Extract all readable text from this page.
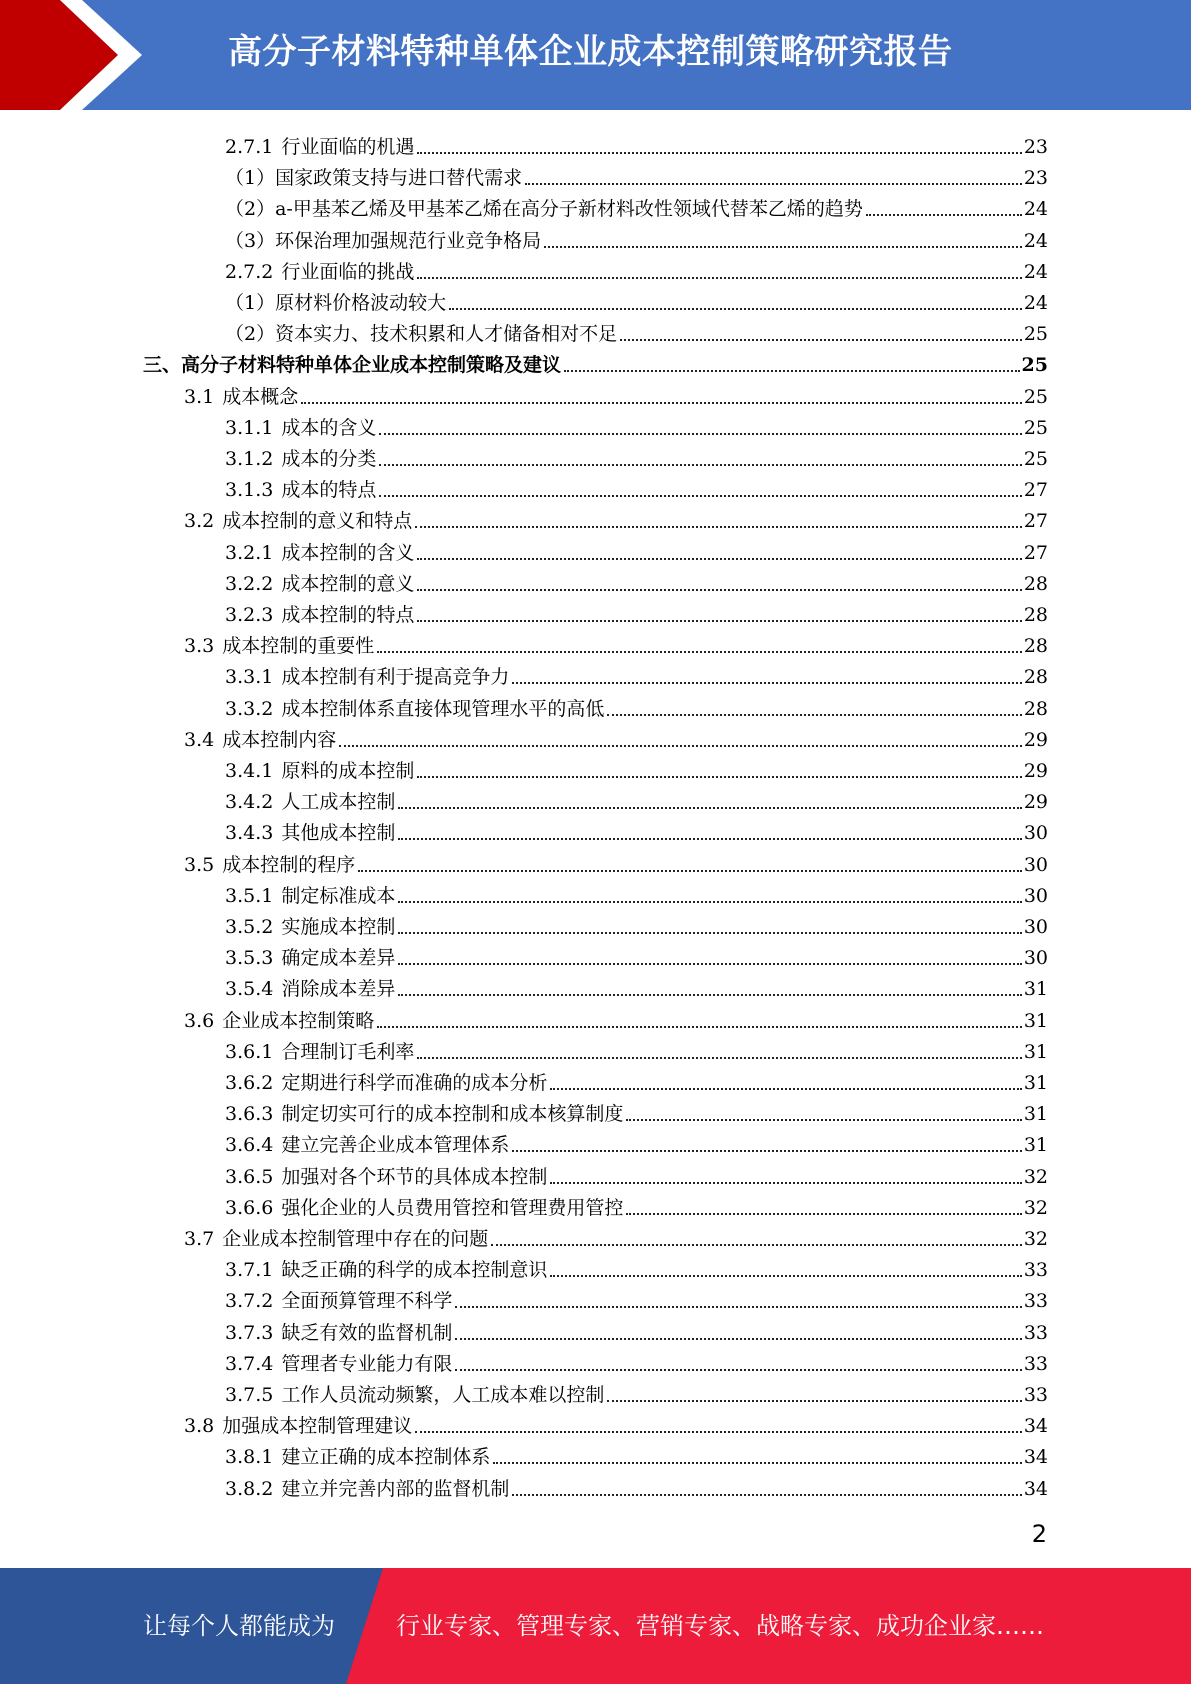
高分子材料特种单体企业成本控制策略研究报告
2.7.1 行业面临的机遇	23
（1）国家政策支持与进口替代需求	23
（2）a-甲基苯乙烯及甲基苯乙烯在高分子新材料改性领域代替苯乙烯的趋势	24
（3）环保治理加强规范行业竞争格局	24
2.7.2 行业面临的挑战	24
（1）原材料价格波动较大	24
（2）资本实力、技术积累和人才储备相对不足	25
三、高分子材料特种单体企业成本控制策略及建议	25
3.1 成本概念	25
3.1.1 成本的含义	25
3.1.2 成本的分类	25
3.1.3 成本的特点	27
3.2 成本控制的意义和特点	27
3.2.1 成本控制的含义	27
3.2.2 成本控制的意义	28
3.2.3 成本控制的特点	28
3.3 成本控制的重要性	28
3.3.1 成本控制有利于提高竞争力	28
3.3.2 成本控制体系直接体现管理水平的高低	28
3.4 成本控制内容	29
3.4.1 原料的成本控制	29
3.4.2 人工成本控制	29
3.4.3 其他成本控制	30
3.5 成本控制的程序	30
3.5.1 制定标准成本	30
3.5.2 实施成本控制	30
3.5.3 确定成本差异	30
3.5.4 消除成本差异	31
3.6 企业成本控制策略	31
3.6.1 合理制订毛利率	31
3.6.2 定期进行科学而准确的成本分析	31
3.6.3 制定切实可行的成本控制和成本核算制度	31
3.6.4 建立完善企业成本管理体系	31
3.6.5 加强对各个环节的具体成本控制	32
3.6.6 强化企业的人员费用管控和管理费用管控	32
3.7 企业成本控制管理中存在的问题	32
3.7.1 缺乏正确的科学的成本控制意识	33
3.7.2 全面预算管理不科学	33
3.7.3 缺乏有效的监督机制	33
3.7.4 管理者专业能力有限	33
3.7.5 工作人员流动频繁，人工成本难以控制	33
3.8 加强成本控制管理建议	34
3.8.1 建立正确的成本控制体系	34
3.8.2 建立并完善内部的监督机制	34
2
让每个人都能成为	行业专家、管理专家、营销专家、战略专家、成功企业家……
